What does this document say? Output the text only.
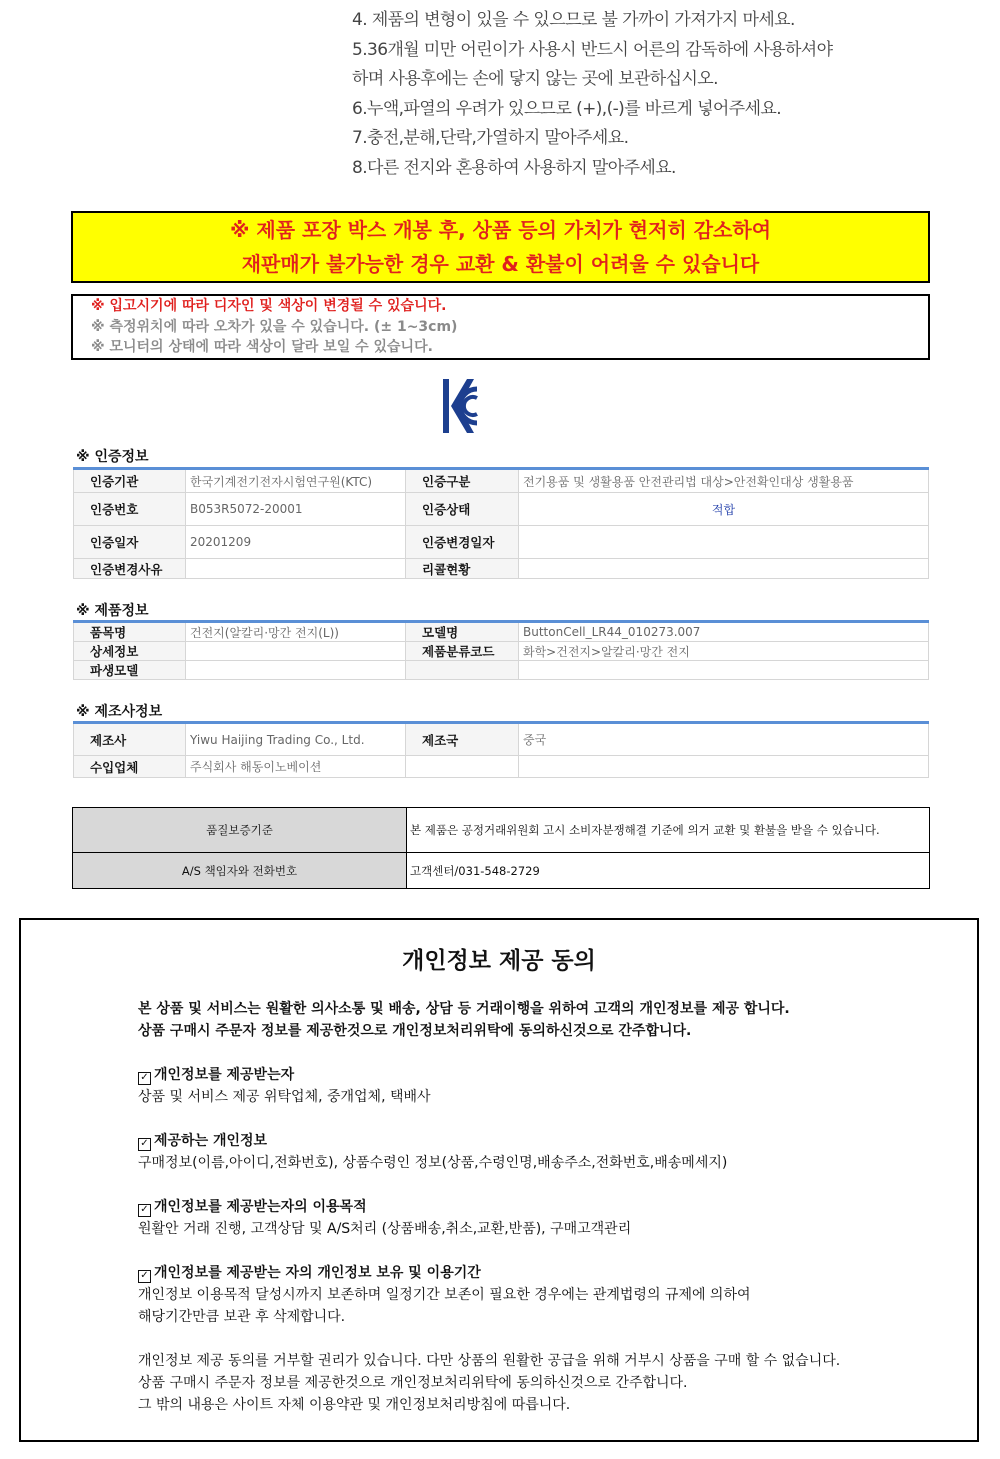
4. 제품의 변형이 있을 수 있으므로 불 가까이 가져가지 마세요.

5.36개월 미만 어린이가 사용시 반드시 어른의 감독하에 사용하셔야

하며 사용후에는 손에 닿지 않는 곳에 보관하십시오.

6.누액,파열의 우려가 있으므로 (+),(-)를 바르게 넣어주세요.

7.충전,분해,단락,가열하지 말아주세요.

8.다른 전지와 혼용하여 사용하지 말아주세요.

※ 제품 포장 박스 개봉 후, 상품 등의 가치가 현저히 감소하여
재판매가 불가능한 경우 교환 & 환불이 어려울 수 있습니다
※ 입고시기에 따라 디자인 및 색상이 변경될 수 있습니다.
※ 측정위치에 따라 오차가 있을 수 있습니다. (± 1~3cm)
※ 모니터의 상태에 따라 색상이 달라 보일 수 있습니다.
※ 인증정보
인증기관	한국기계전기전자시험연구원(KTC)	인증구분	전기용품 및 생활용품 안전관리법 대상>안전확인대상 생활용품
인증번호	B053R5072-20001	인증상태	적합
인증일자	20201209	인증변경일자	
인증변경사유		리콜현황	
※ 제품정보
품목명	건전지(알칼리·망간 전지(L))	모델명	ButtonCell_LR44_010273.007
상세정보		제품분류코드	화학>건전지>알칼리·망간 전지
파생모델			
※ 제조사정보
제조사	Yiwu Haijing Trading Co., Ltd.	제조국	중국
수입업체	주식회사 해동이노베이션		
품질보증기준	본 제품은 공정거래위원회 고시 소비자분쟁해결 기준에 의거 교환 및 환불을 받을 수 있습니다.
A/S 책임자와 전화번호	고객센터/031-548-2729
개인정보 제공 동의
본 상품 및 서비스는 원활한 의사소통 및 배송, 상담 등 거래이행을 위하여 고객의 개인정보를 제공 합니다.
상품 구매시 주문자 정보를 제공한것으로 개인정보처리위탁에 동의하신것으로 간주합니다.
✓ 개인정보를 제공받는자
상품 및 서비스 제공 위탁업체, 중개업체, 택배사
✓ 제공하는 개인정보
구매정보(이름,아이디,전화번호), 상품수령인 정보(상품,수령인명,배송주소,전화번호,배송메세지)
✓ 개인정보를 제공받는자의 이용목적
원활안 거래 진행, 고객상담 및 A/S처리 (상품배송,취소,교환,반품), 구매고객관리
✓ 개인정보를 제공받는 자의 개인정보 보유 및 이용기간
개인정보 이용목적 달성시까지 보존하며 일정기간 보존이 필요한 경우에는 관계법령의 규제에 의하여
해당기간만큼 보관 후 삭제합니다.
개인정보 제공 동의를 거부할 권리가 있습니다. 다만 상품의 원활한 공급을 위해 거부시 상품을 구매 할 수 없습니다.
상품 구매시 주문자 정보를 제공한것으로 개인정보처리위탁에 동의하신것으로 간주합니다.
그 밖의 내용은 사이트 자체 이용약관 및 개인정보처리방침에 따릅니다.
